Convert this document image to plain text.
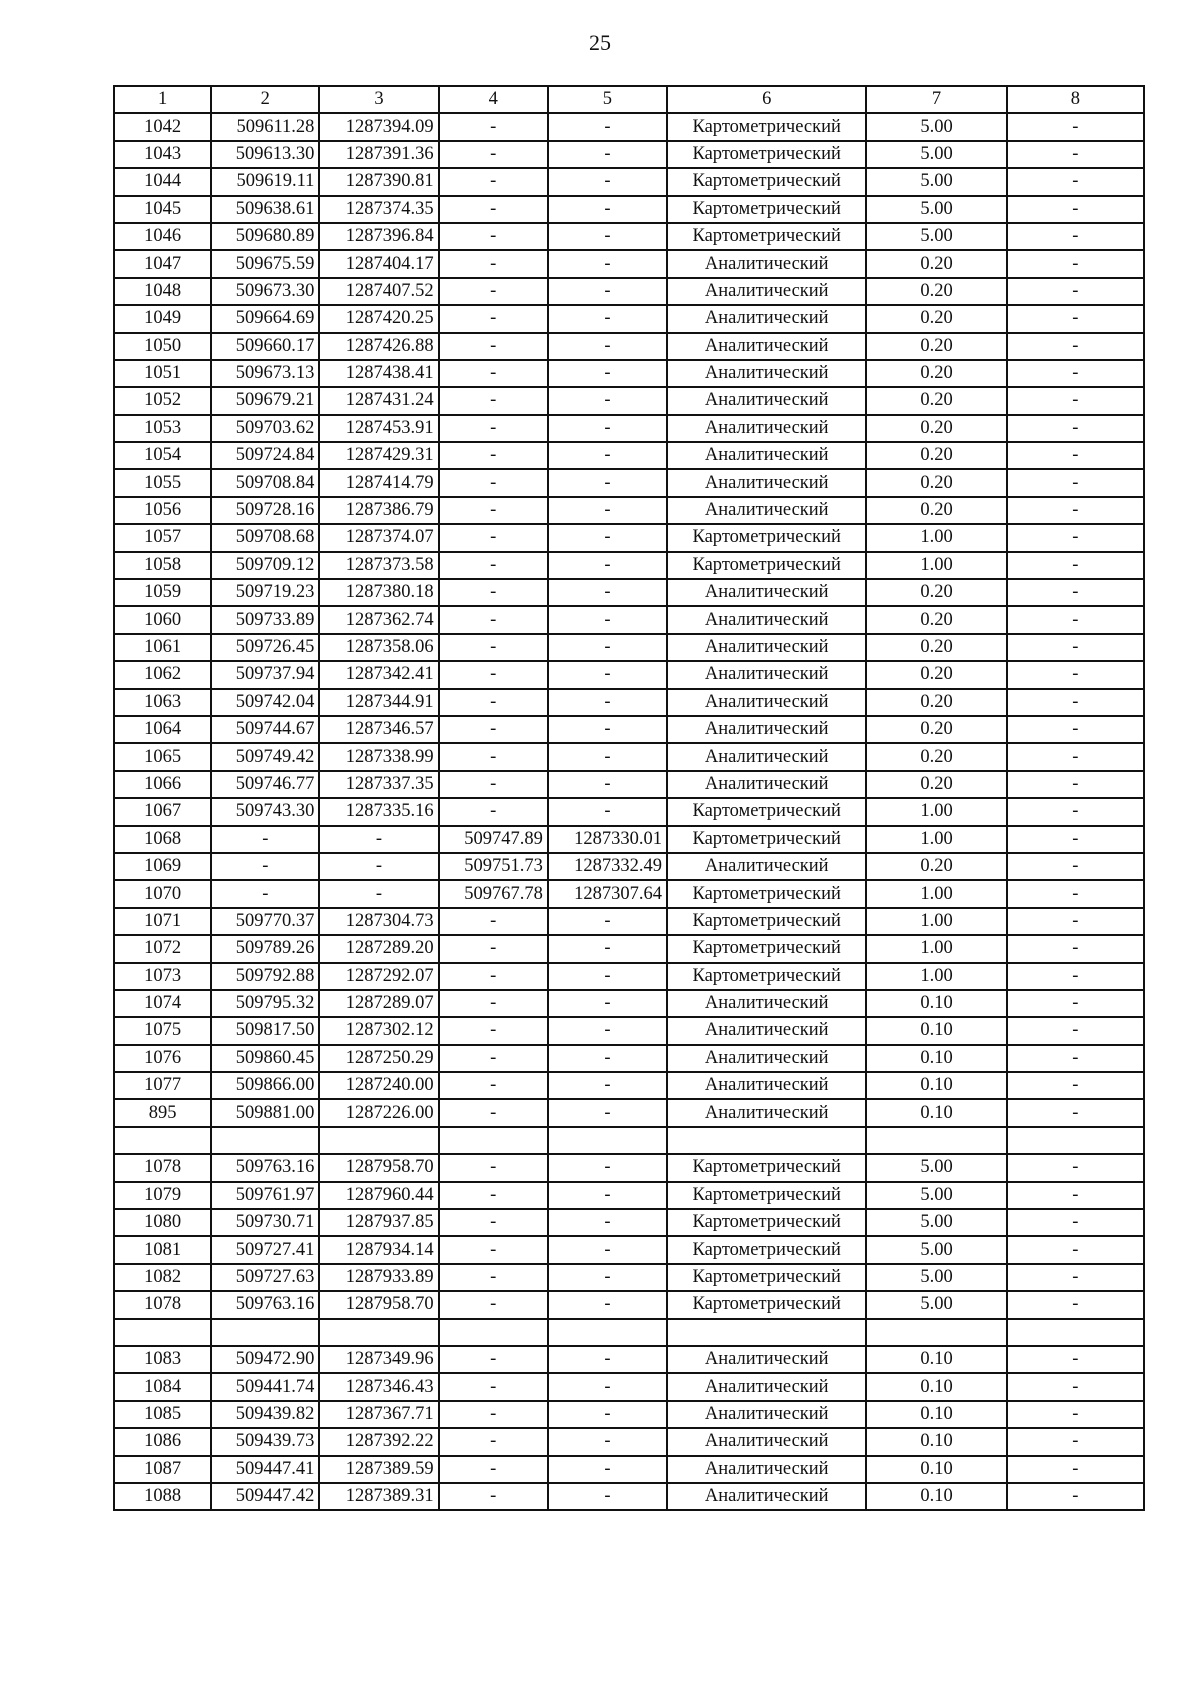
25
1	2	3	4	5	6	7	8
1042	509611.28	1287394.09	-	-	Картометрический	5.00	-
1043	509613.30	1287391.36	-	-	Картометрический	5.00	-
1044	509619.11	1287390.81	-	-	Картометрический	5.00	-
1045	509638.61	1287374.35	-	-	Картометрический	5.00	-
1046	509680.89	1287396.84	-	-	Картометрический	5.00	-
1047	509675.59	1287404.17	-	-	Аналитический	0.20	-
1048	509673.30	1287407.52	-	-	Аналитический	0.20	-
1049	509664.69	1287420.25	-	-	Аналитический	0.20	-
1050	509660.17	1287426.88	-	-	Аналитический	0.20	-
1051	509673.13	1287438.41	-	-	Аналитический	0.20	-
1052	509679.21	1287431.24	-	-	Аналитический	0.20	-
1053	509703.62	1287453.91	-	-	Аналитический	0.20	-
1054	509724.84	1287429.31	-	-	Аналитический	0.20	-
1055	509708.84	1287414.79	-	-	Аналитический	0.20	-
1056	509728.16	1287386.79	-	-	Аналитический	0.20	-
1057	509708.68	1287374.07	-	-	Картометрический	1.00	-
1058	509709.12	1287373.58	-	-	Картометрический	1.00	-
1059	509719.23	1287380.18	-	-	Аналитический	0.20	-
1060	509733.89	1287362.74	-	-	Аналитический	0.20	-
1061	509726.45	1287358.06	-	-	Аналитический	0.20	-
1062	509737.94	1287342.41	-	-	Аналитический	0.20	-
1063	509742.04	1287344.91	-	-	Аналитический	0.20	-
1064	509744.67	1287346.57	-	-	Аналитический	0.20	-
1065	509749.42	1287338.99	-	-	Аналитический	0.20	-
1066	509746.77	1287337.35	-	-	Аналитический	0.20	-
1067	509743.30	1287335.16	-	-	Картометрический	1.00	-
1068	-	-	509747.89	1287330.01	Картометрический	1.00	-
1069	-	-	509751.73	1287332.49	Аналитический	0.20	-
1070	-	-	509767.78	1287307.64	Картометрический	1.00	-
1071	509770.37	1287304.73	-	-	Картометрический	1.00	-
1072	509789.26	1287289.20	-	-	Картометрический	1.00	-
1073	509792.88	1287292.07	-	-	Картометрический	1.00	-
1074	509795.32	1287289.07	-	-	Аналитический	0.10	-
1075	509817.50	1287302.12	-	-	Аналитический	0.10	-
1076	509860.45	1287250.29	-	-	Аналитический	0.10	-
1077	509866.00	1287240.00	-	-	Аналитический	0.10	-
895	509881.00	1287226.00	-	-	Аналитический	0.10	-

1078	509763.16	1287958.70	-	-	Картометрический	5.00	-
1079	509761.97	1287960.44	-	-	Картометрический	5.00	-
1080	509730.71	1287937.85	-	-	Картометрический	5.00	-
1081	509727.41	1287934.14	-	-	Картометрический	5.00	-
1082	509727.63	1287933.89	-	-	Картометрический	5.00	-
1078	509763.16	1287958.70	-	-	Картометрический	5.00	-

1083	509472.90	1287349.96	-	-	Аналитический	0.10	-
1084	509441.74	1287346.43	-	-	Аналитический	0.10	-
1085	509439.82	1287367.71	-	-	Аналитический	0.10	-
1086	509439.73	1287392.22	-	-	Аналитический	0.10	-
1087	509447.41	1287389.59	-	-	Аналитический	0.10	-
1088	509447.42	1287389.31	-	-	Аналитический	0.10	-
